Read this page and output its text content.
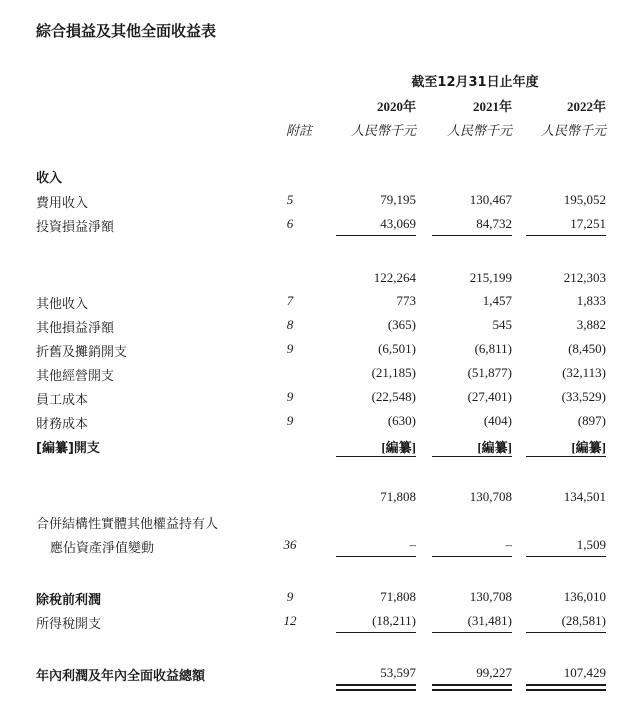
綜合損益及其他全面收益表
截至12月31日止年度
2020年	2021年	2022年
附註	人民幣千元	人民幣千元	人民幣千元
收入
費用收入	5	79,195	130,467	195,052
投資損益淨額	6	43,069	84,732	17,251
122,264	215,199	212,303
其他收入	7	773	1,457	1,833
其他損益淨額	8	(365)	545	3,882
折舊及攤銷開支	9	(6,501)	(6,811)	(8,450)
其他經營開支	(21,185)	(51,877)	(32,113)
員工成本	9	(22,548)	(27,401)	(33,529)
財務成本	9	(630)	(404)	(897)
[編纂]開支	[編纂]	[編纂]	[編纂]
71,808	130,708	134,501
合併結構性實體其他權益持有人
應佔資產淨值變動	36	–	–	1,509
除稅前利潤	9	71,808	130,708	136,010
所得稅開支	12	(18,211)	(31,481)	(28,581)
年內利潤及年內全面收益總額	53,597	99,227	107,429
